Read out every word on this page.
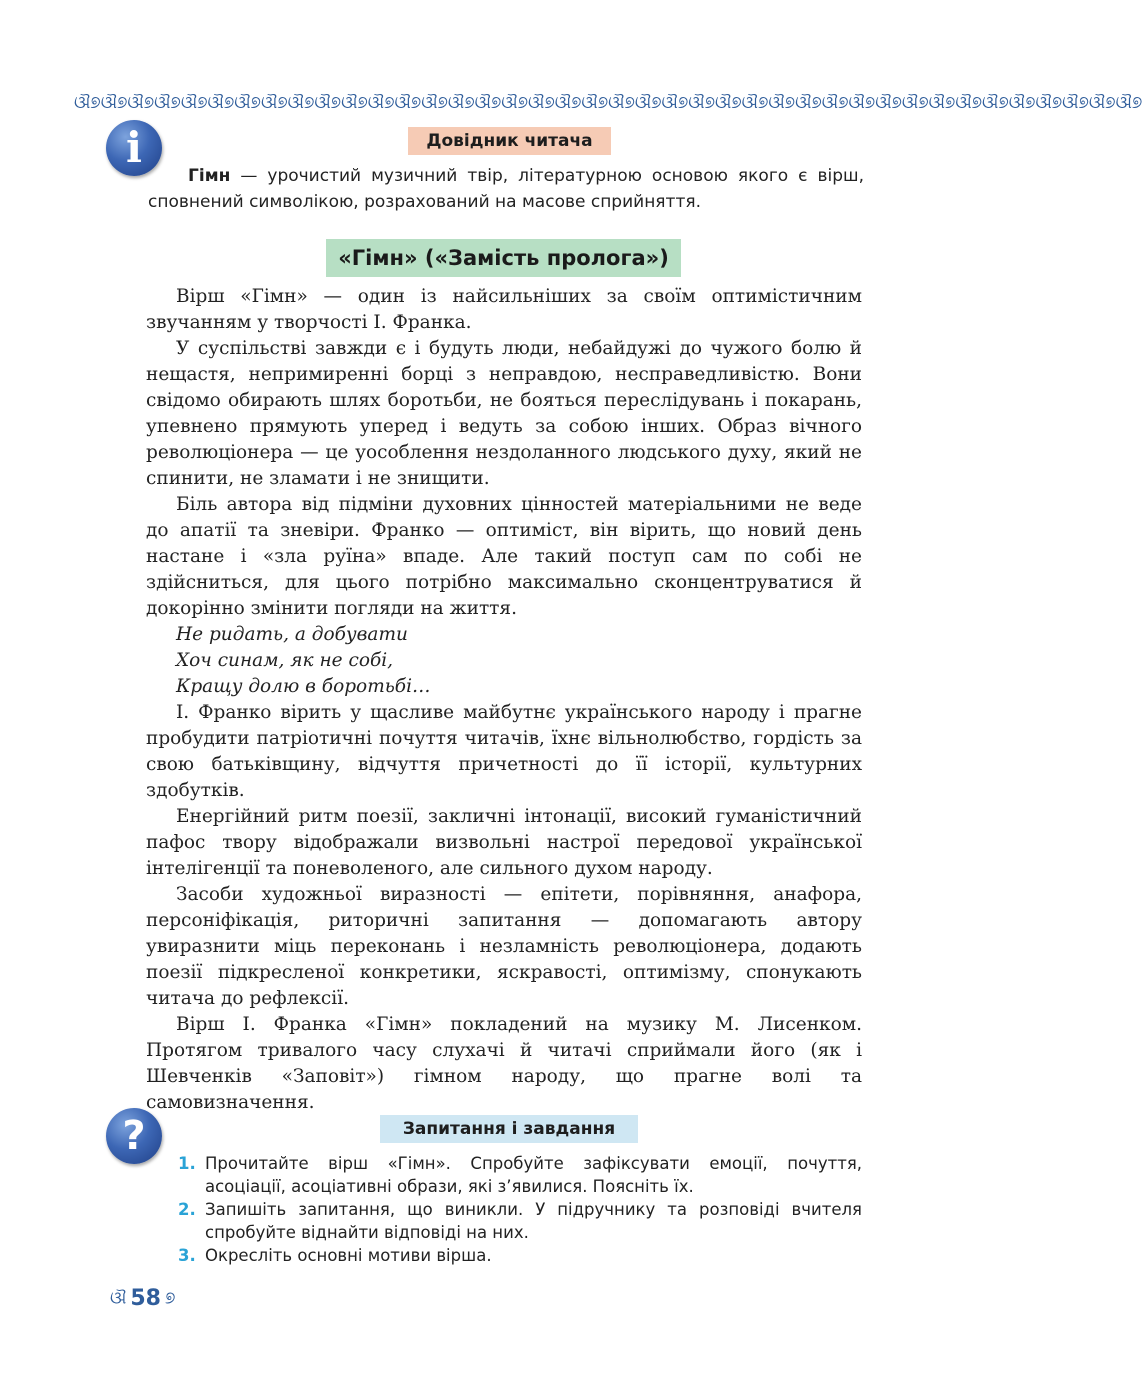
ଔ୭ଔ୭ଔ୭ଔ୭ଔ୭ଔ୭ଔ୭ଔ୭ଔ୭ଔ୭ଔ୭ଔ୭ଔ୭ଔ୭ଔ୭ଔ୭ଔ୭ଔ୭ଔ୭ଔ୭ଔ୭ଔ୭ଔ୭ଔ୭ଔ୭ଔ୭ଔ୭ଔ୭ଔ୭ଔ୭ଔ୭ଔ୭ଔ୭ଔ୭ଔ୭ଔ୭ଔ୭ଔ୭ଔ୭ଔ୭
i	Довідник читача
Гімн — урочистий музичний твір, літературною основою якого є вірш, сповнений символікою, розрахований на масове сприйняття.
«Гімн» («Замість пролога»)

Вірш «Гімн» — один із найсильніших за своїм оптимістичним звучанням у творчості І. Франка.

У суспільстві завжди є і будуть люди, небайдужі до чужого болю й нещастя, непримиренні борці з неправдою, несправедливістю. Вони свідомо обирають шлях боротьби, не бояться переслідувань і покарань, упевнено прямують уперед і ведуть за собою інших. Образ вічного революціонера — це уособлення нездоланного людського духу, який не спинити, не зламати і не знищити.

Біль автора від підміни духовних цінностей матеріальними не веде до апатії та зневіри. Франко — оптиміст, він вірить, що новий день настане і «зла руїна» впаде. Але такий поступ сам по собі не здійсниться, для цього потрібно максимально сконцентруватися й докорінно змінити погляди на життя.

Не ридать, а добувати

Хоч синам, як не собі,

Кращу долю в боротьбі…

І. Франко вірить у щасливе майбутнє українського народу і прагне пробудити патріотичні почуття читачів, їхнє вільнолюбство, гордість за свою батьківщину, відчуття причетності до її історії, культурних здобутків.

Енергійний ритм поезії, закличні інтонації, високий гуманістичний пафос твору відображали визвольні настрої передової української інтелігенції та поневоленого, але сильного духом народу.

Засоби художньої виразності — епітети, порівняння, анафора, персоніфікація, риторичні запитання — допомагають автору увиразнити міць переконань і незламність революціонера, додають поезії підкресленої конкретики, яскравості, оптимізму, спонукають читача до рефлексії.

Вірш І. Франка «Гімн» покладений на музику М. Лисенком. Протягом тривалого часу слухачі й читачі сприймали його (як і Шевченків «Заповіт») гімном народу, що прагне волі та самовизначення.

?	Запитання і завдання
1. Прочитайте вірш «Гімн». Спробуйте зафіксувати емоції, почуття, асоціації, асоціативні образи, які з’явилися. Поясніть їх.
2. Запишіть запитання, що виникли. У підручнику та розповіді вчителя спробуйте віднайти відповіді на них.
3. Окресліть основні мотиви вірша.
ଔ 58 ୭
